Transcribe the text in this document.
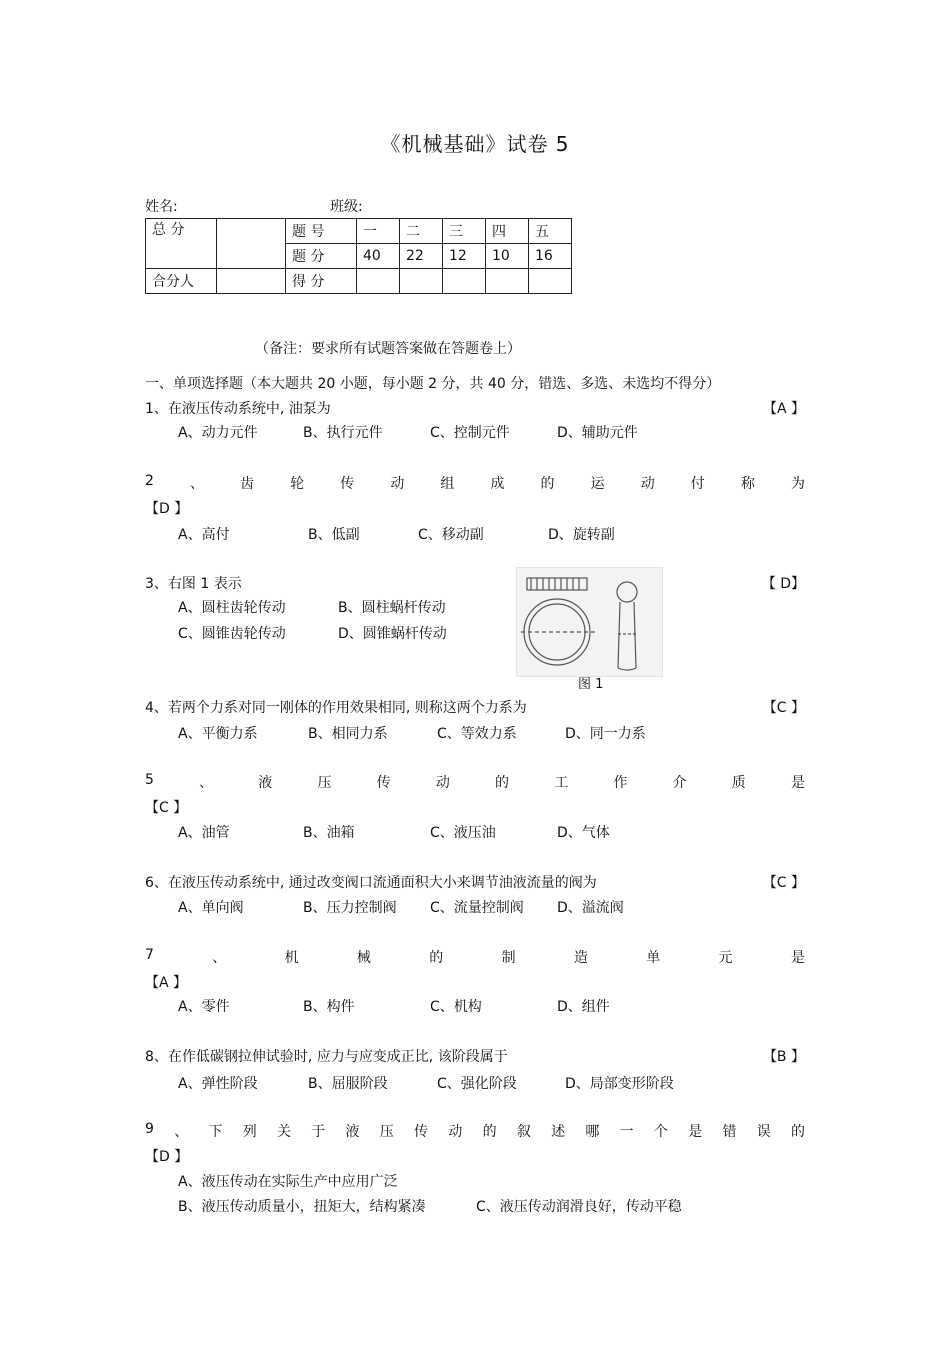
《机械基础》试卷 5
姓名:	班级:
总 分		题 号	一	二	三	四	五
		题 分	40	22	12	10	16
合分人		得 分					
（备注：要求所有试题答案做在答题卷上）
一、单项选择题（本大题共 20 小题，每小题 2 分，共 40 分，错选、多选、未选均不得分）
1、在液压传动系统中, 油泵为	【A 】
A、动力元件	B、执行元件	C、控制元件	D、辅助元件
2	、	齿	轮	传	动	组	成	的	运	动	付	称	为
【D 】
A、高付	B、低副	C、移动副	D、旋转副
3、右图 1 表示	【 D】
A、圆柱齿轮传动	B、圆柱蜗杆传动
C、圆锥齿轮传动	D、圆锥蜗杆传动
图 1
4、若两个力系对同一刚体的作用效果相同, 则称这两个力系为	【C 】
A、平衡力系	B、相同力系	C、等效力系	D、同一力系
5	、	液	压	传	动	的	工	作	介	质	是
【C 】
A、油管	B、油箱	C、液压油	D、气体
6、在液压传动系统中, 通过改变阀口流通面积大小来调节油液流量的阀为	【C 】
A、单向阀	B、压力控制阀 C、流量控制阀 D、溢流阀
7	、	机	械	的	制	造	单	元	是
【A 】
A、零件	B、构件	C、机构	D、组件
8、在作低碳钢拉伸试验时, 应力与应变成正比, 该阶段属于	【B 】
A、弹性阶段	B、屈服阶段	C、强化阶段	D、局部变形阶段
9 、 下 列 关 于 液 压 传 动 的 叙 述 哪 一 个 是 错 误 的
【D 】
A、液压传动在实际生产中应用广泛
B、液压传动质量小，扭矩大，结构紧凑	C、液压传动润滑良好，传动平稳
